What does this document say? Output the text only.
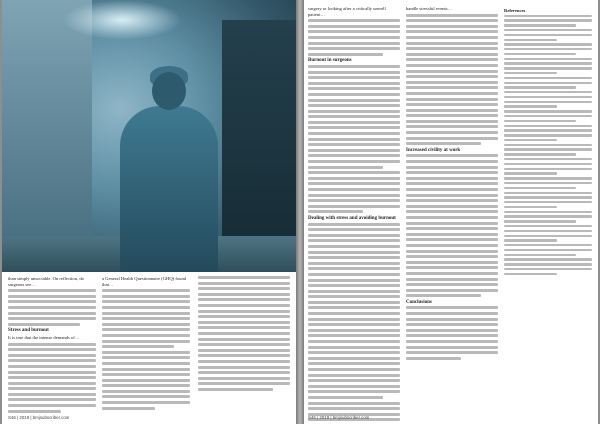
than simply unsociable. On reflection, do surgeons see…

Stress and burnout

It is true that the intense demands of…

a General Health Questionnaire (GHQ) found that…

S46 | 2019 | bmjsubscriber.com

surgery or looking after a critically unwell patient…

Burnout in surgeons
Dealing with stress and avoiding burnout

handle stressful events…

Increased civility at work
Conclusions
References
S46 | 2019 | bmjsubscriber.com
